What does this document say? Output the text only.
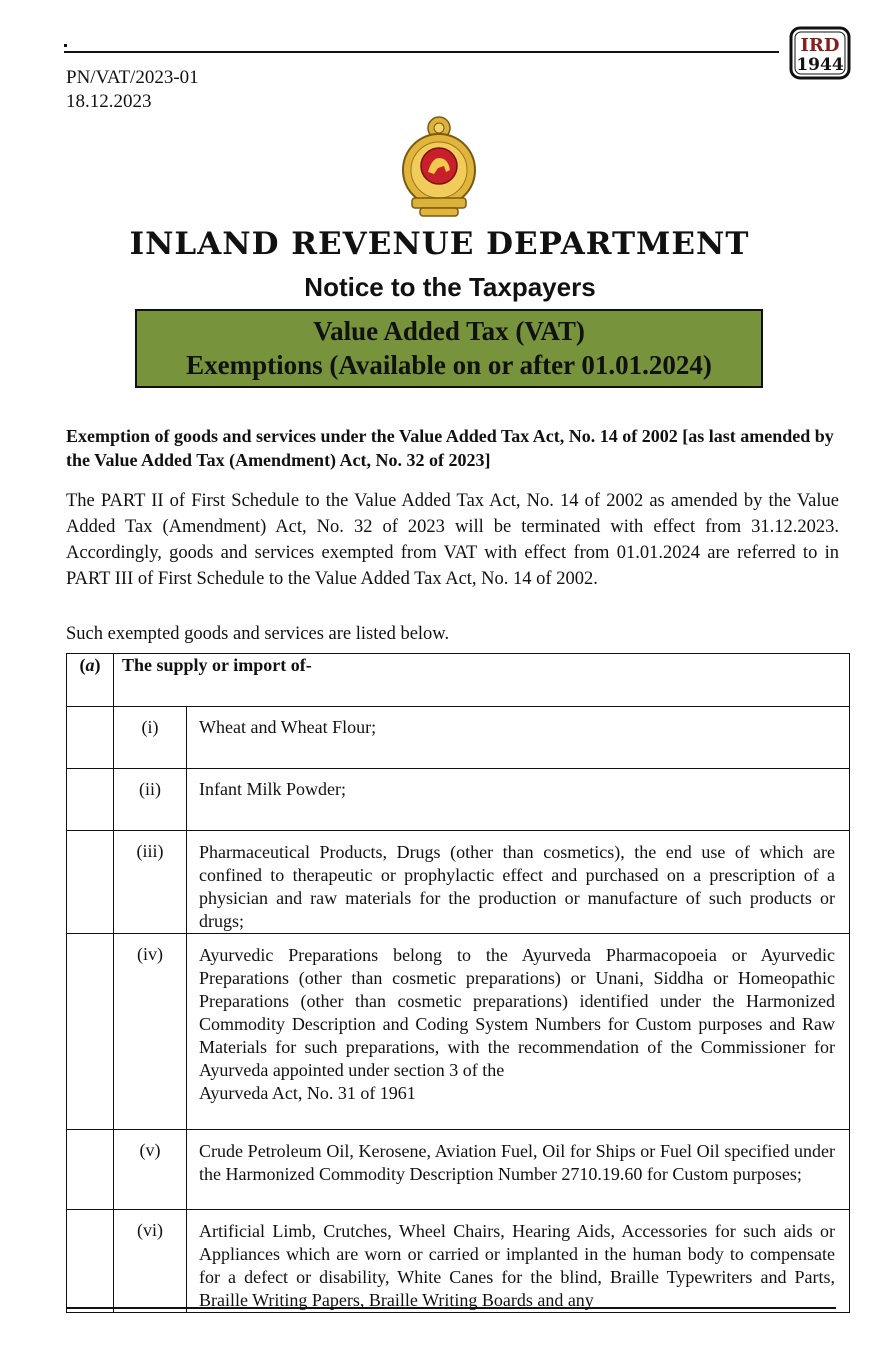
IRD
1944
PN/VAT/2023-01
18.12.2023
INLAND REVENUE DEPARTMENT
Notice to the Taxpayers
Value Added Tax (VAT)
Exemptions (Available on or after 01.01.2024)
Exemption of goods and services under the Value Added Tax Act, No. 14 of 2002 [as last amended by the Value Added Tax (Amendment) Act, No. 32 of 2023]
The PART II of First Schedule to the Value Added Tax Act, No. 14 of 2002 as amended by the Value Added Tax (Amendment) Act, No. 32 of 2023 will be terminated with effect from 31.12.2023. Accordingly, goods and services exempted from VAT with effect from 01.01.2024 are referred to in PART III of First Schedule to the Value Added Tax Act, No. 14 of 2002.
Such exempted goods and services are listed below.
(a)	The supply or import of-	
	(i)	Wheat and Wheat Flour;
	(ii)	Infant Milk Powder;
	(iii)	Pharmaceutical Products, Drugs (other than cosmetics), the end use of which are confined to therapeutic or prophylactic effect and purchased on a prescription of a physician and raw materials for the production or manufacture of such products or drugs;
	(iv)	Ayurvedic Preparations belong to the Ayurveda Pharmacopoeia or Ayurvedic Preparations (other than cosmetic preparations) or Unani, Siddha or Homeopathic Preparations (other than cosmetic preparations) identified under the Harmonized Commodity Description and Coding System Numbers for Custom purposes and Raw Materials for such preparations, with the recommendation of the Commissioner for Ayurveda appointed under section 3 of the
Ayurveda Act, No. 31 of 1961

	(v)	Crude Petroleum Oil, Kerosene, Aviation Fuel, Oil for Ships or Fuel Oil specified under the Harmonized Commodity Description Number 2710.19.60 for Custom purposes;
	(vi)	Artificial Limb, Crutches, Wheel Chairs, Hearing Aids, Accessories for such aids or Appliances which are worn or carried or implanted in the human body to compensate for a defect or disability, White Canes for the blind, Braille Typewriters and Parts, Braille Writing Papers, Braille Writing Boards and any
